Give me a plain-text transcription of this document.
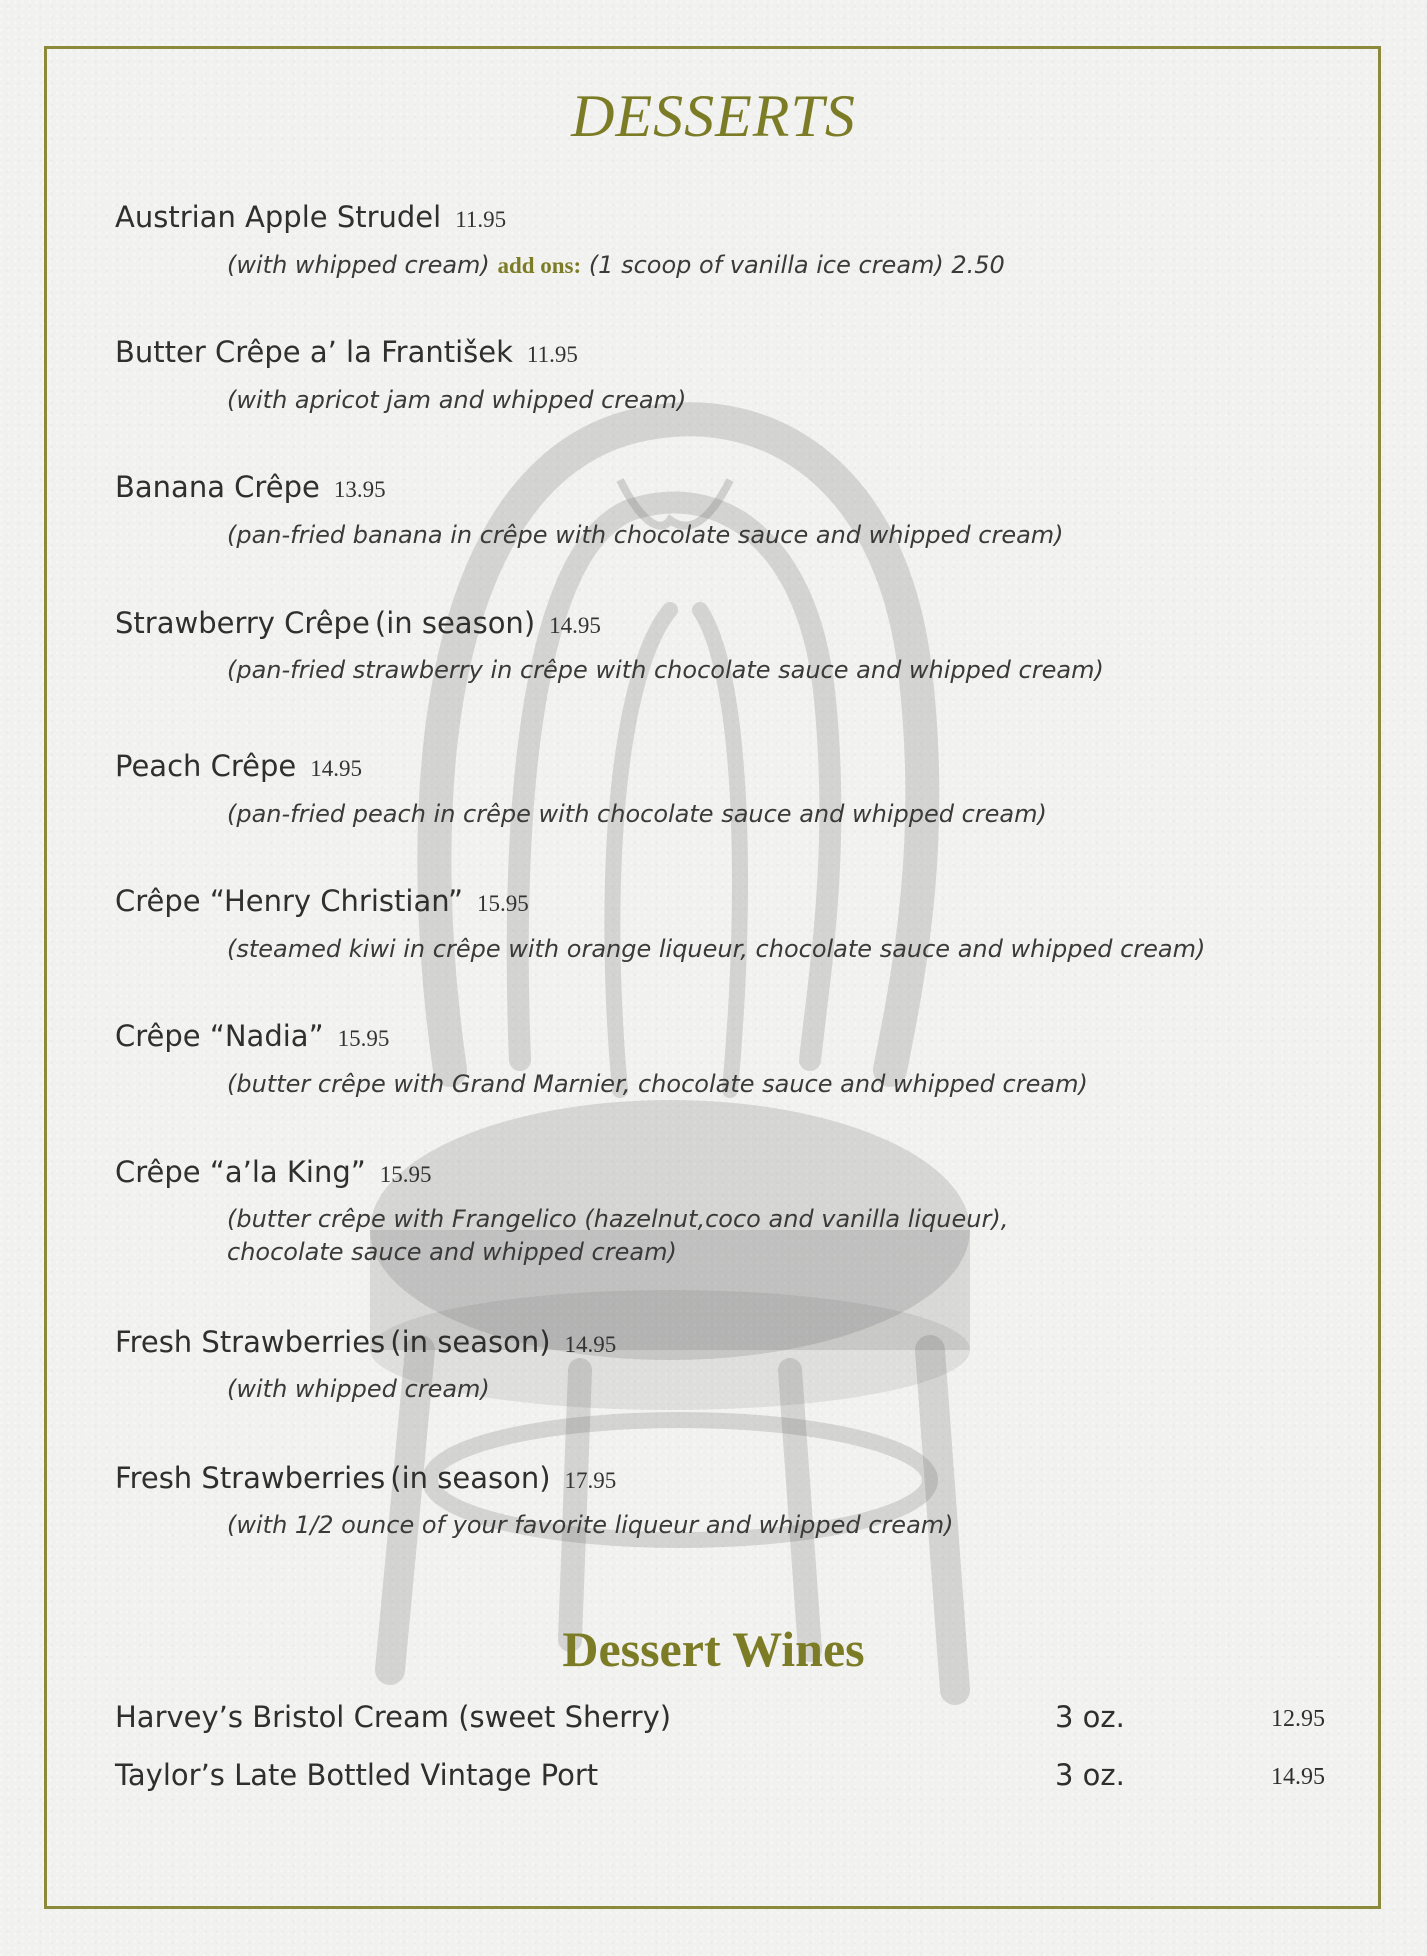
DESSERTS
Austrian Apple Strudel 11.95
(with whipped cream) add ons: (1 scoop of vanilla ice cream) 2.50
Butter Crêpe a’ la František 11.95
(with apricot jam and whipped cream)
Banana Crêpe 13.95
(pan-fried banana in crêpe with chocolate sauce and whipped cream)
Strawberry Crêpe (in season) 14.95
(pan-fried strawberry in crêpe with chocolate sauce and whipped cream)
Peach Crêpe 14.95
(pan-fried peach in crêpe with chocolate sauce and whipped cream)
Crêpe “Henry Christian” 15.95
(steamed kiwi in crêpe with orange liqueur, chocolate sauce and whipped cream)
Crêpe “Nadia” 15.95
(butter crêpe with Grand Marnier, chocolate sauce and whipped cream)
Crêpe “a’la King” 15.95
(butter crêpe with Frangelico (hazelnut,coco and vanilla liqueur),
chocolate sauce and whipped cream)
Fresh Strawberries (in season) 14.95
(with whipped cream)
Fresh Strawberries (in season) 17.95
(with 1/2 ounce of your favorite liqueur and whipped cream)
Dessert Wines
Harvey’s Bristol Cream (sweet Sherry)	3 oz.	12.95
Taylor’s Late Bottled Vintage Port	3 oz.	14.95
